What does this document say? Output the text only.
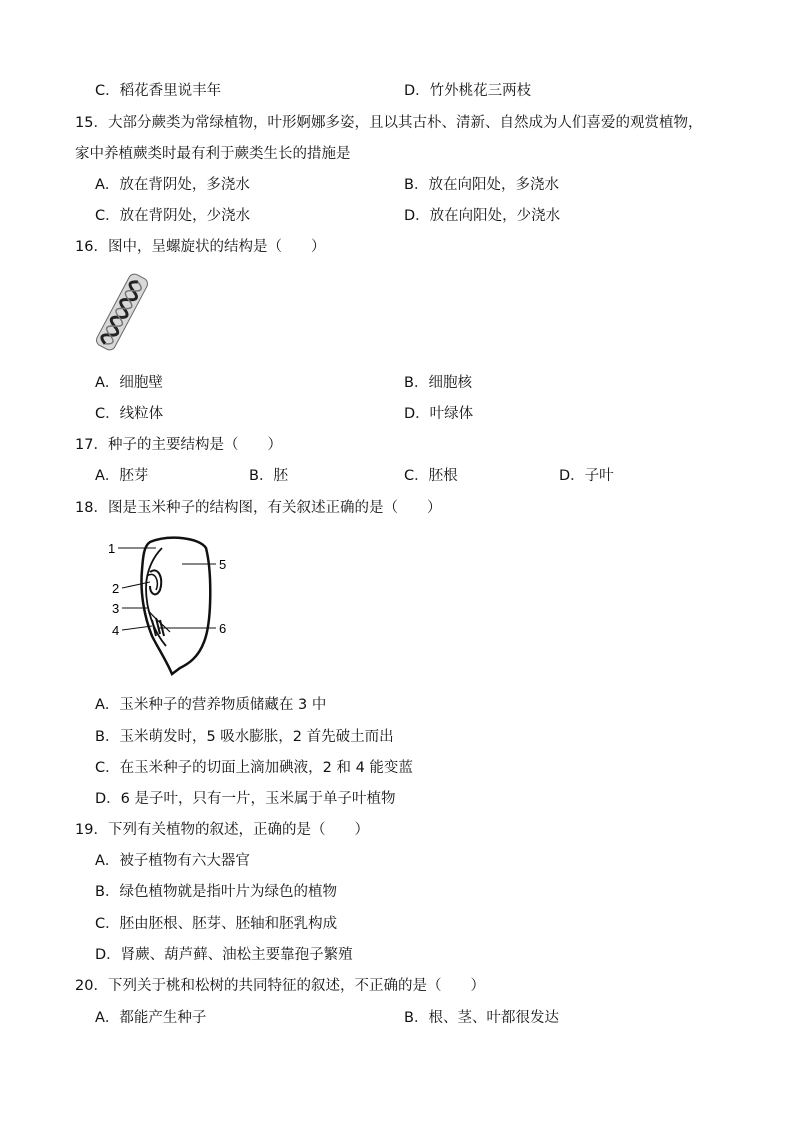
C．稻花香里说丰年	D．竹外桃花三两枝
15．大部分蕨类为常绿植物，叶形婀娜多姿，且以其古朴、清新、自然成为人们喜爱的观赏植物，
家中养植蕨类时最有利于蕨类生长的措施是
A．放在背阴处，多浇水	B．放在向阳处，多浇水
C．放在背阴处，少浇水	D．放在向阳处，少浇水
16．图中，呈螺旋状的结构是（　　）
A．细胞壁	B．细胞核
C．线粒体	D．叶绿体
17．种子的主要结构是（　　）
A．胚芽	B．胚	C．胚根	D．子叶
18．图是玉米种子的结构图，有关叙述正确的是（　　）
1
2
3
4
5
6
A．玉米种子的营养物质储藏在 3 中
B．玉米萌发时，5 吸水膨胀，2 首先破土而出
C．在玉米种子的切面上滴加碘液，2 和 4 能变蓝
D．6 是子叶，只有一片，玉米属于单子叶植物
19．下列有关植物的叙述，正确的是（　　）
A．被子植物有六大器官
B．绿色植物就是指叶片为绿色的植物
C．胚由胚根、胚芽、胚轴和胚乳构成
D．肾蕨、葫芦藓、油松主要靠孢子繁殖
20．下列关于桃和松树的共同特征的叙述，不正确的是（　　）
A．都能产生种子	B．根、茎、叶都很发达
